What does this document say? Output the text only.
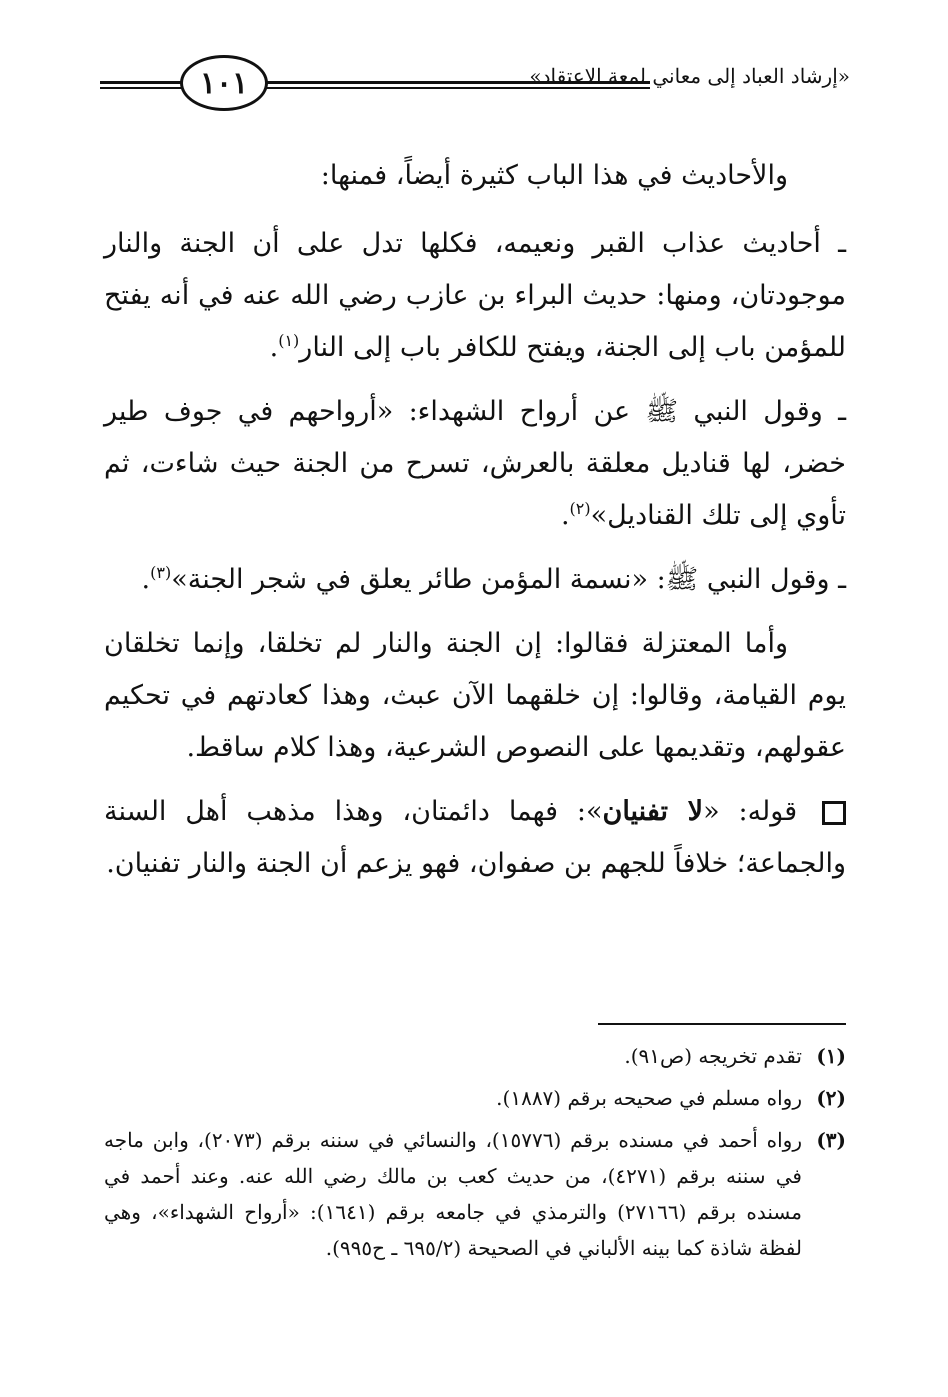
١٠١	«إرشاد العباد إلى معاني لمعة الاعتقاد»

والأحاديث في هذا الباب كثيرة أيضاً، فمنها:

ـ أحاديث عذاب القبر ونعيمه، فكلها تدل على أن الجنة والنار موجودتان، ومنها: حديث البراء بن عازب رضي الله عنه في أنه يفتح للمؤمن باب إلى الجنة، ويفتح للكافر باب إلى النار$^{(١)}$.

ـ وقول النبي ﷺ عن أرواح الشهداء: «أرواحهم في جوف طير خضر، لها قناديل معلقة بالعرش، تسرح من الجنة حيث شاءت، ثم تأوي إلى تلك القناديل»$^{(٢)}$.

ـ وقول النبي ﷺ: «نسمة المؤمن طائر يعلق في شجر الجنة»$^{(٣)}$.

وأما المعتزلة فقالوا: إن الجنة والنار لم تخلقا، وإنما تخلقان يوم القيامة، وقالوا: إن خلقهما الآن عبث، وهذا كعادتهم في تحكيم عقولهم، وتقديمها على النصوص الشرعية، وهذا كلام ساقط.

قوله: «لا تفنيان»: فهما دائمتان، وهذا مذهب أهل السنة والجماعة؛ خلافاً للجهم بن صفوان، فهو يزعم أن الجنة والنار تفنيان.

(١)
تقدم تخريجه (ص٩١).
(٢)
رواه مسلم في صحيحه برقم (١٨٨٧).
(٣)
رواه أحمد في مسنده برقم (١٥٧٧٦)، والنسائي في سننه برقم (٢٠٧٣)، وابن ماجه في سننه برقم (٤٢٧١)، من حديث كعب بن مالك رضي الله عنه. وعند أحمد في مسنده برقم (٢٧١٦٦) والترمذي في جامعه برقم (١٦٤١): «أرواح الشهداء»، وهي لفظة شاذة كما بينه الألباني في الصحيحة (٦٩٥/٢ ـ ح٩٩٥).
